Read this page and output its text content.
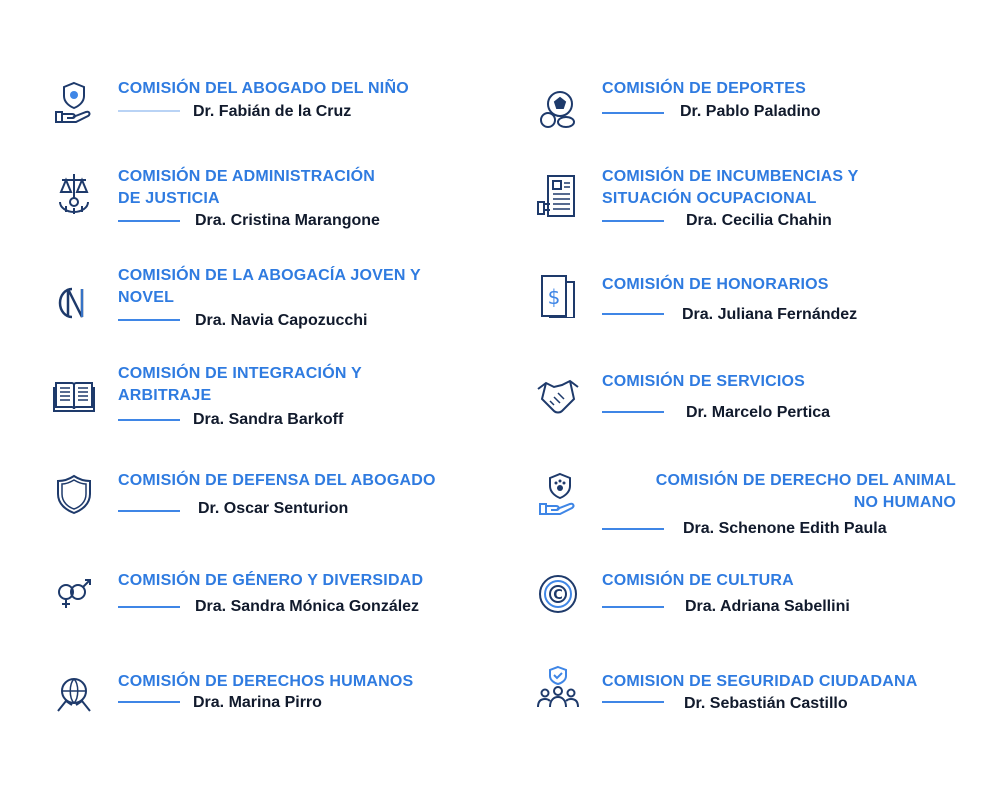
COMISIÓN DEL ABOGADO DEL NIÑO
Dr. Fabián de la Cruz
COMISIÓN DE ADMINISTRACIÓN
DE JUSTICIA
Dra. Cristina Marangone
COMISIÓN DE LA ABOGACÍA JOVEN Y
NOVEL
Dra. Navia Capozucchi
COMISIÓN DE INTEGRACIÓN Y
ARBITRAJE
Dra. Sandra Barkoff
COMISIÓN DE DEFENSA DEL ABOGADO
Dr. Oscar Senturion
COMISIÓN DE GÉNERO Y DIVERSIDAD
Dra. Sandra Mónica González
COMISIÓN DE DERECHOS HUMANOS
Dra. Marina Pirro
COMISIÓN DE DEPORTES
Dr. Pablo Paladino
COMISIÓN DE INCUMBENCIAS Y
SITUACIÓN OCUPACIONAL
Dra. Cecilia Chahin
$
COMISIÓN DE HONORARIOS
Dra. Juliana Fernández
COMISIÓN DE SERVICIOS
Dr. Marcelo Pertica
COMISIÓN DE DERECHO DEL ANIMAL
NO HUMANO
Dra. Schenone Edith Paula
C
COMISIÓN DE CULTURA
Dra. Adriana Sabellini
COMISION DE SEGURIDAD CIUDADANA
Dr. Sebastián Castillo
